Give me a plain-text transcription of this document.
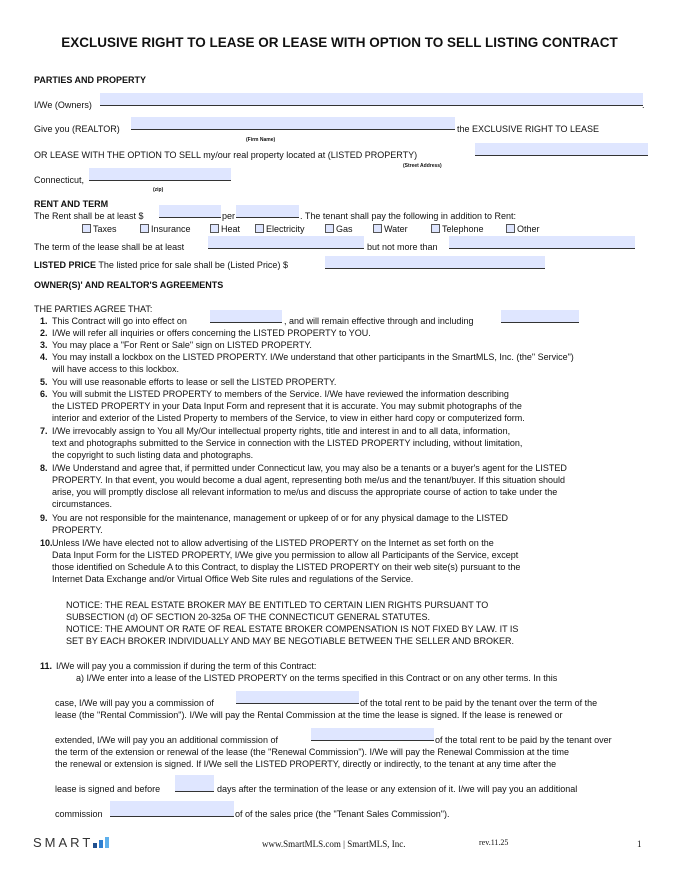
EXCLUSIVE RIGHT TO LEASE OR LEASE WITH OPTION TO SELL LISTING CONTRACT
PARTIES AND PROPERTY
I/We (Owners)	.
Give you (REALTOR)
(Firm Name)
the EXCLUSIVE RIGHT TO LEASE
OR LEASE WITH THE OPTION TO SELL my/our real property located at (LISTED PROPERTY)
(Street Address)
Connecticut,
(zip)
RENT AND TERM
The Rent shall be at least $	per	. The tenant shall pay the following in addition to Rent:
Taxes	Insurance	Heat	Electricity	Gas	Water	Telephone	Other
The term of the lease shall be at least	but not more than
LISTED PRICE The listed price for sale shall be (Listed Price) $
OWNER(S)' AND REALTOR'S AGREEMENTS
THE PARTIES AGREE THAT:
1. This Contract will go into effect on	, and will remain effective through and including
2. I/We will refer all inquiries or offers concerning the LISTED PROPERTY to YOU.
3. You may place a "For Rent or Sale" sign on LISTED PROPERTY.
4. You may install a lockbox on the LISTED PROPERTY. I/We understand that other participants in the SmartMLS, Inc. (the" Service")
will have access to this lockbox.
5. You will use reasonable efforts to lease or sell the LISTED PROPERTY.
6. You will submit the LISTED PROPERTY to members of the Service. I/We have reviewed the information describing
the LISTED PROPERTY in your Data Input Form and represent that it is accurate. You may submit photographs of the
interior and exterior of the Listed Property to members of the Service, to view in either hard copy or computerized form.
7. I/We irrevocably assign to You all My/Our intellectual property rights, title and interest in and to all data, information,
text and photographs submitted to the Service in connection with the LISTED PROPERTY including, without limitation,
the copyright to such listing data and photographs.
8. I/We Understand and agree that, if permitted under Connecticut law, you may also be a tenants or a buyer's agent for the LISTED
PROPERTY. In that event, you would become a dual agent, representing both me/us and the tenant/buyer. If this situation should
arise, you will promptly disclose all relevant information to me/us and discuss the appropriate course of action to take under the
circumstances.
9. You are not responsible for the maintenance, management or upkeep of or for any physical damage to the LISTED
PROPERTY.
10.Unless I/We have elected not to allow advertising of the LISTED PROPERTY on the Internet as set forth on the
Data Input Form for the LISTED PROPERTY, I/We give you permission to allow all Participants of the Service, except
those identified on Schedule A to this Contract, to display the LISTED PROPERTY on their web site(s) pursuant to the
Internet Data Exchange and/or Virtual Office Web Site rules and regulations of the Service.
NOTICE: THE REAL ESTATE BROKER MAY BE ENTITLED TO CERTAIN LIEN RIGHTS PURSUANT TO
SUBSECTION (d) OF SECTION 20-325a OF THE CONNECTICUT GENERAL STATUTES.
NOTICE: THE AMOUNT OR RATE OF REAL ESTATE BROKER COMPENSATION IS NOT FIXED BY LAW. IT IS
SET BY EACH BROKER INDIVIDUALLY AND MAY BE NEGOTIABLE BETWEEN THE SELLER AND BROKER.
11. I/We will pay you a commission if during the term of this Contract:
a) I/We enter into a lease of the LISTED PROPERTY on the terms specified in this Contract or on any other terms. In this
case, I/We will pay you a commission of	of the total rent to be paid by the tenant over the term of the
lease (the "Rental Commission"). I/We will pay the Rental Commission at the time the lease is signed. If the lease is renewed or
extended, I/We will pay you an additional commission of	of the total rent to be paid by the tenant over
the term of the extension or renewal of the lease (the "Renewal Commission"). I/We will pay the Renewal Commission at the time
the renewal or extension is signed. If I/We sell the LISTED PROPERTY, directly or indirectly, to the tenant at any time after the
lease is signed and before	days after the termination of the lease or any extension of it. I/we will pay you an additional
commission	of of the sales price (the "Tenant Sales Commission").
SMART	www.SmartMLS.com | SmartMLS, Inc.	rev.11.25	1
